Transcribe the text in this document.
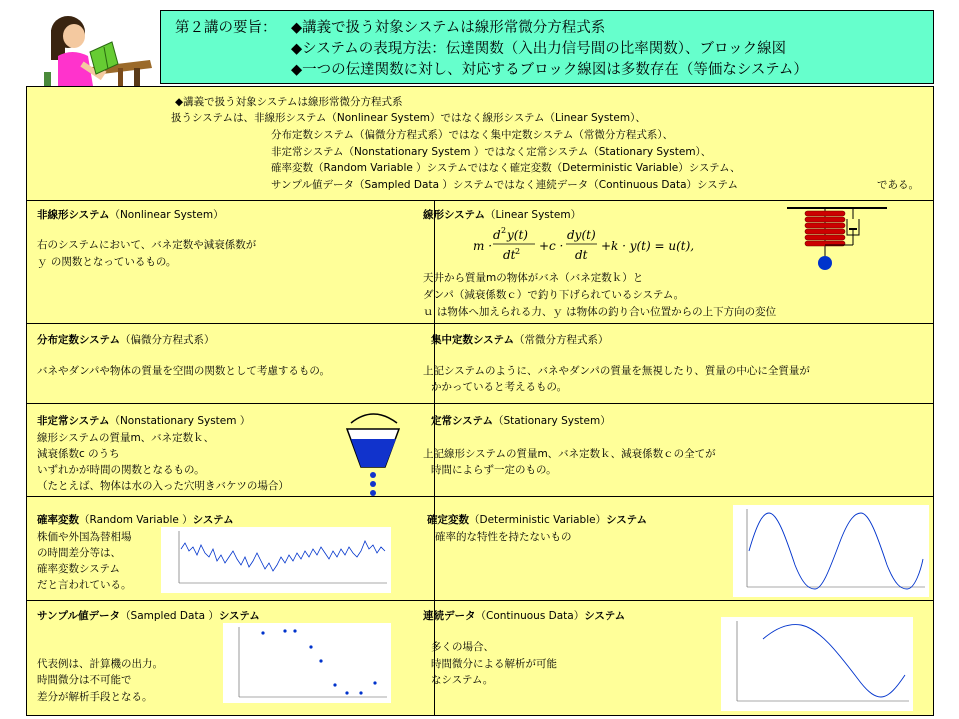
第２講の要旨： ◆講義で扱う対象システムは線形常微分方程式系
◆システムの表現方法：伝達関数（入出力信号間の比率関数）、ブロック線図
◆一つの伝達関数に対し、対応するブロック線図は多数存在（等価なシステム）
◆講義で扱う対象システムは線形常微分方程式系
扱うシステムは、非線形システム（Nonlinear System）ではなく線形システム（Linear System）、
分布定数システム（偏微分方程式系）ではなく集中定数システム（常微分方程式系）、
非定常システム（Nonstationary System ）ではなく定常システム（Stationary System）、
確率変数（Random Variable ）システムではなく確定変数（Deterministic Variable）システム、
サンプル値データ（Sampled Data ）システムではなく連続データ（Continuous Data）システム	である。
非線形システム（Nonlinear System）
右のシステムにおいて、バネ定数や減衰係数が
ｙ の関数となっているもの。
線形システム（Linear System）
m ·
d 2 y(t)
dt 2 + c ·
dy(t)
dt
+ k · y(t) = u(t),
天井から質量mの物体がバネ（バネ定数ｋ）と
ダンパ（減衰係数ｃ）で釣り下げられているシステム。
ｕ は物体へ加えられる力、ｙ は物体の釣り合い位置からの上下方向の変位
分布定数システム（偏微分方程式系）
バネやダンパや物体の質量を空間の関数として考慮するもの。
集中定数システム（常微分方程式系）
上記システムのように、バネやダンパの質量を無視したり、質量の中心に全質量が
かかっていると考えるもの。
非定常システム（Nonstationary System ）
線形システムの質量m、バネ定数ｋ、
減衰係数c のうち
いずれかが時間の関数となるもの。
（たとえば、物体は水の入った穴明きバケツの場合）
定常システム（Stationary System）
上記線形システムの質量m、バネ定数ｋ、減衰係数ｃの全てが
時間によらず一定のもの。
確率変数（Random Variable ）システム
株価や外国為替相場
の時間差分等は、
確率変数システム
だと言われている。
確定変数（Deterministic Variable）システム
確率的な特性を持たないもの
サンプル値データ（Sampled Data ）システム
代表例は、計算機の出力。
時間微分は不可能で
差分が解析手段となる。
連続データ（Continuous Data）システム
多くの場合、
時間微分による解析が可能
なシステム。
